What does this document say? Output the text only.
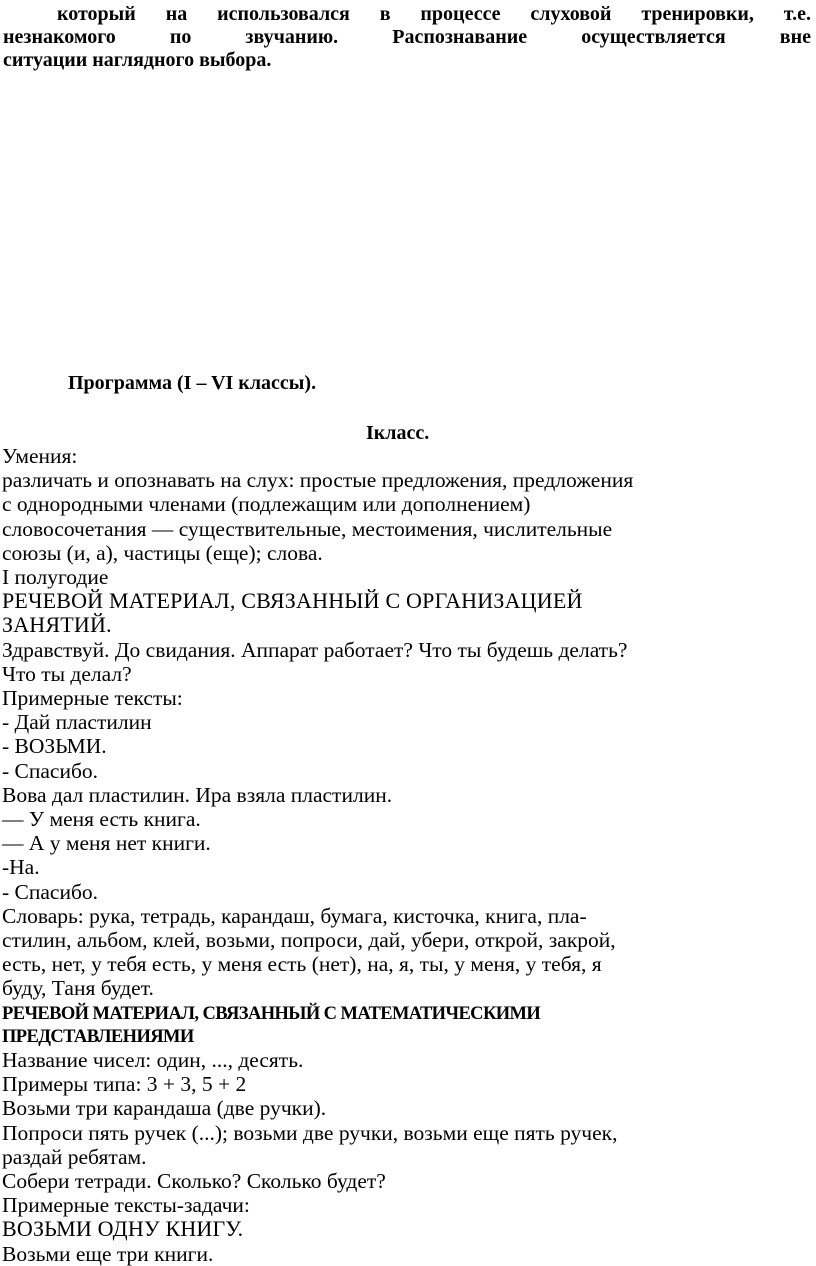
который на использовался в процессе слуховой тренировки, т.е.
незнакомого по звучанию. Распознавание осуществляется вне
ситуации наглядного выбора.
Программа (I – VI классы).
Iкласс.
Умения:
различать и опознавать на слух: простые предложения, предложения
с однородными членами (подлежащим или дополнением)
словосочетания — существительные, местоимения, числительные
союзы (и, а), частицы (еще); слова.
I полугодие
РЕЧЕВОЙ МАТЕРИАЛ, СВЯЗАННЫЙ С ОРГАНИЗАЦИЕЙ
ЗАНЯТИЙ.
Здравствуй. До свидания. Аппарат работает? Что ты будешь делать?
Что ты делал?
Примерные тексты:
- Дай пластилин
- ВОЗЬМИ.
- Спасибо.
Вова дал пластилин. Ира взяла пластилин.
— У меня есть книга.
— А у меня нет книги.
-На.
- Спасибо.
Словарь: рука, тетрадь, карандаш, бумага, кисточка, книга, пла-
стилин, альбом, клей, возьми, попроси, дай, убери, открой, закрой,
есть, нет, у тебя есть, у меня есть (нет), на, я, ты, у меня, у тебя, я
буду, Таня будет.
РЕЧЕВОЙ МАТЕРИАЛ, СВЯЗАННЫЙ С МАТЕМАТИЧЕСКИМИ
ПРЕДСТАВЛЕНИЯМИ
Название чисел: один, ..., десять.
Примеры типа: 3 + 3, 5 + 2
Возьми три карандаша (две ручки).
Попроси пять ручек (...); возьми две ручки, возьми еще пять ручек,
раздай ребятам.
Собери тетради. Сколько? Сколько будет?
Примерные тексты-задачи:
ВОЗЬМИ ОДНУ КНИГУ.
Возьми еще три книги.
